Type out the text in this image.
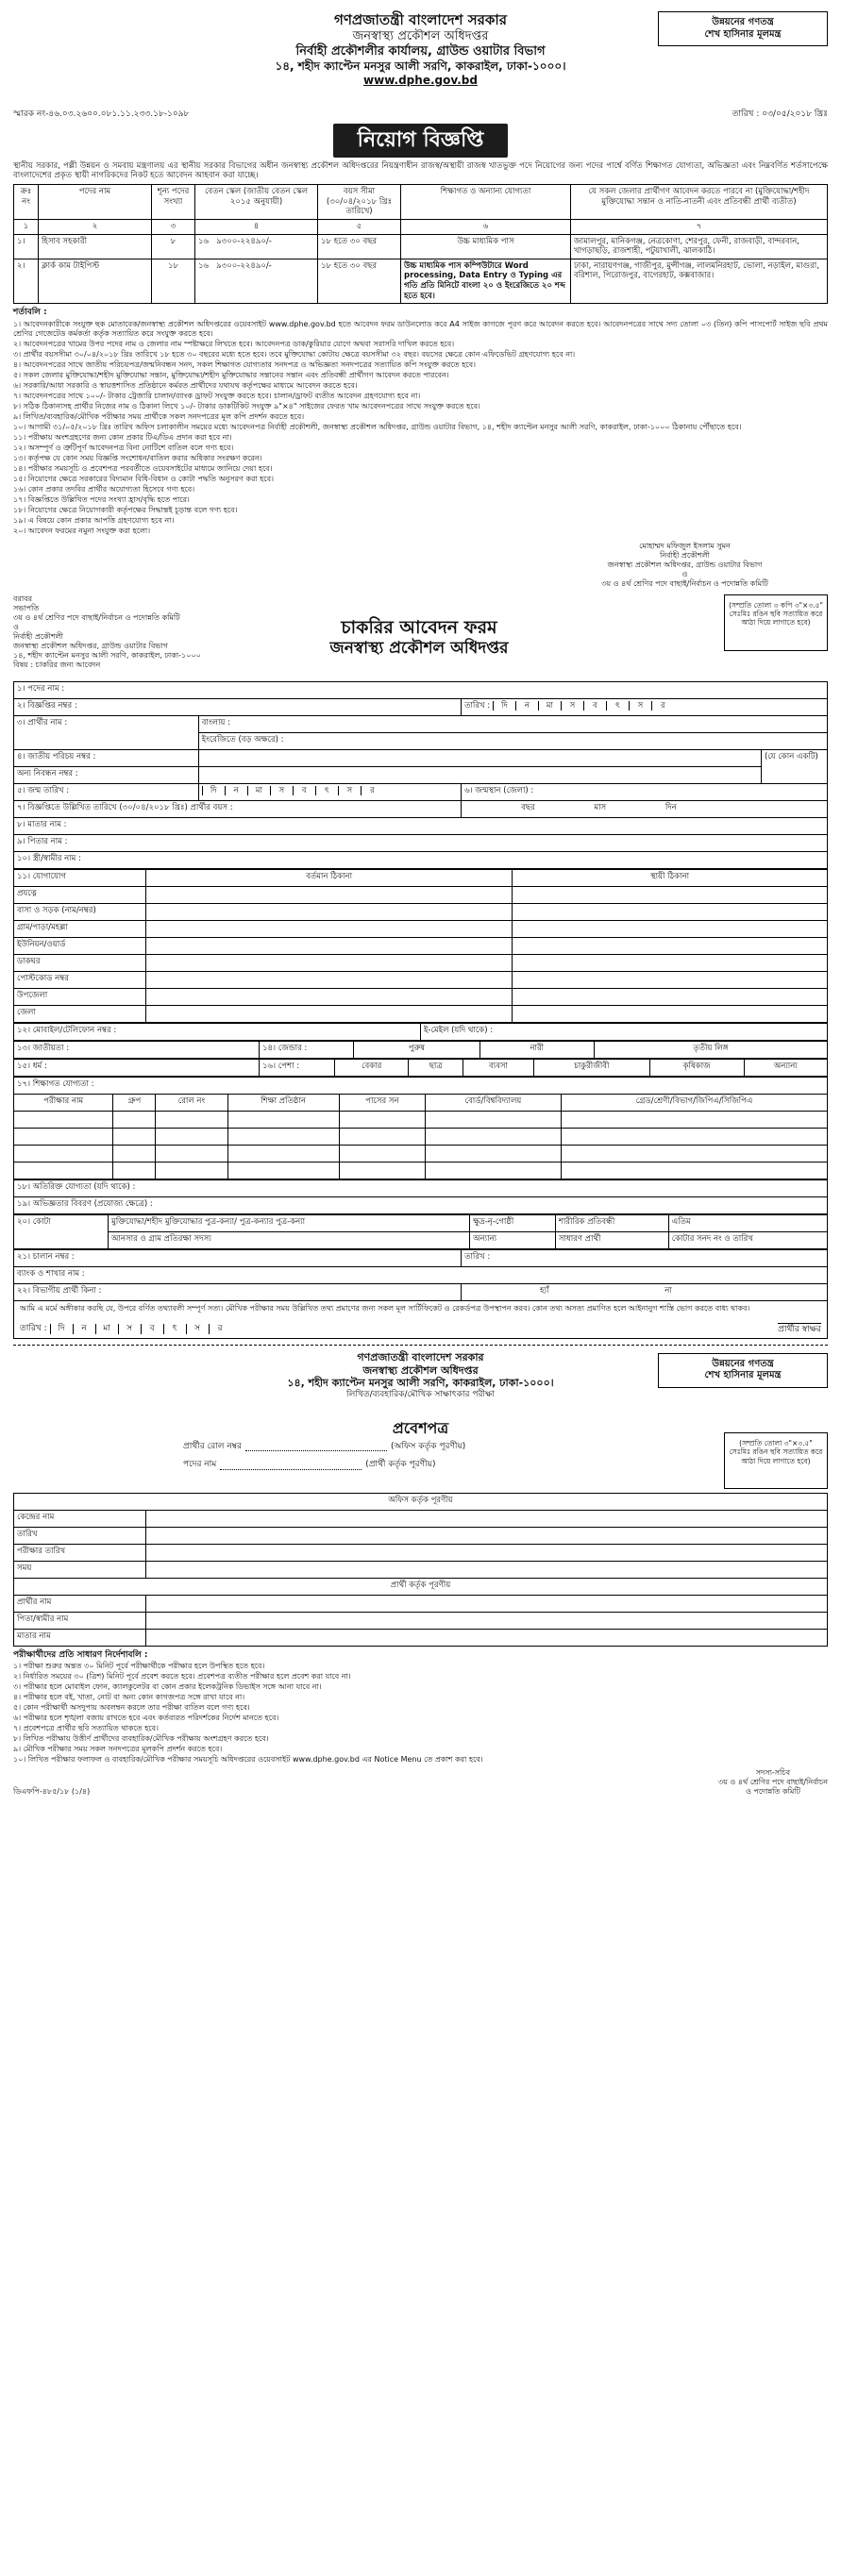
গণপ্রজাতন্ত্রী বাংলাদেশ সরকার
জনস্বাস্থ্য প্রকৌশল অধিদপ্তর
নির্বাহী প্রকৌশলীর কার্যালয়, গ্রাউন্ড ওয়াটার বিভাগ
১৪, শহীদ ক্যাপ্টেন মনসুর আলী সরণি, কাকরাইল, ঢাকা-১০০০।
www.dphe.gov.bd
উন্নয়নের গণতন্ত্র
শেখ হাসিনার মূলমন্ত্র
স্মারক নং-৪৬.০৩.২৬০০.০৮১.১১.২৩৩.১৮-১০৯৮	তারিখ : ০৩/০৫/২০১৮ খ্রিঃ
নিয়োগ বিজ্ঞপ্তি

স্থানীয় সরকার, পল্লী উন্নয়ন ও সমবায় মন্ত্রণালয় এর স্থানীয় সরকার বিভাগের অধীন জনস্বাস্থ্য প্রকৌশল অধিদপ্তরের নিয়ন্ত্রণাধীন রাজস্ব/অস্থায়ী রাজস্ব খাতভুক্ত পদে নিয়োগের জন্য পদের পার্শ্বে বর্ণিত শিক্ষাগত যোগ্যতা, অভিজ্ঞতা এবং নিম্নবর্ণিত শর্তসাপেক্ষে বাংলাদেশের প্রকৃত স্থায়ী নাগরিকদের নিকট হতে আবেদন আহবান করা যাচ্ছে।

ক্রঃ নং	পদের নাম	শূন্য পদের সংখ্যা	বেতন স্কেল (জাতীয় বেতন স্কেল ২০১৫ অনুযায়ী)	বয়স সীমা (৩০/০৪/২০১৮ খ্রিঃ তারিখে)	শিক্ষাগত ও অন্যান্য যোগ্যতা	যে সকল জেলার প্রার্থীগণ আবেদন করতে পারবে না (মুক্তিযোদ্ধা/শহীদ মুক্তিযোদ্ধা সন্তান ও নাতি-নাতনী এবং প্রতিবন্ধী প্রার্থী ব্যতীত)
১	২	৩	৪	৫	৬	৭
১।	হিসাব সহকারী	৮	১৬ ৯৩০০-২২৪৯০/-	১৮ হতে ৩০ বছর	উচ্চ মাধ্যমিক পাস	জামালপুর, মানিকগঞ্জ, নেত্রকোণা, শেরপুর, ফেনী, রাজবাড়ী, বান্দরবান, খাগড়াছড়ি, রাজশাহী, পটুয়াখালী, ঝালকাঠি।
২।	ক্লার্ক কাম টাইপিস্ট	১৮	১৬ ৯৩০০-২২৪৯০/-	১৮ হতে ৩০ বছর	উচ্চ মাধ্যমিক পাস কম্পিউটারে Word processing, Data Entry ও Typing এর গতি প্রতি মিনিটে বাংলা ২০ ও ইংরেজিতে ২০ শব্দ হতে হবে।	ঢাকা, নারায়ণগঞ্জ, গাজীপুর, মুন্সীগঞ্জ, লালমনিরহাট, ভোলা, নড়াইল, মাগুরা, বরিশাল, পিরোজপুর, বাগেরহাট, কক্সবাজার।
শর্তাবলি :

১। আবেদনকারীকে সংযুক্ত ছক মোতাবেক/জনস্বাস্থ্য প্রকৌশল অধিদপ্তরের ওয়েবসাইট www.dphe.gov.bd হতে আবেদন ফরম ডাউনলোড করে A4 সাইজ কাগজে পূরণ করে আবেদন করতে হবে। আবেদনপত্রের সাথে সদ্য তোলা ০৩ (তিন) কপি পাসপোর্ট সাইজ ছবি প্রথম শ্রেণির গেজেটেড কর্মকর্তা কর্তৃক সত্যায়িত করে সংযুক্ত করতে হবে।

২। আবেদনপত্রের খামের উপর পদের নাম ও জেলার নাম স্পষ্টাক্ষরে লিখতে হবে। আবেদনপত্র ডাক/কুরিয়ার যোগে অথবা সরাসরি দাখিল করতে হবে।

৩। প্রার্থীর বয়সসীমা ৩০/০৪/২০১৮ খ্রিঃ তারিখে ১৮ হতে ৩০ বছরের মধ্যে হতে হবে। তবে মুক্তিযোদ্ধা কোটায় ক্ষেত্রে বয়সসীমা ৩২ বছর। বয়সের ক্ষেত্রে কোন এফিডেভিট গ্রহণযোগ্য হবে না।

৪। আবেদনপত্রের সাথে জাতীয় পরিচয়পত্র/জন্মনিবন্ধন সনদ, সকল শিক্ষাগত যোগ্যতার সনদপত্র ও অভিজ্ঞতা সনদপত্রের সত্যায়িত কপি সংযুক্ত করতে হবে।

৫। সকল জেলার মুক্তিযোদ্ধা/শহীদ মুক্তিযোদ্ধা সন্তান, মুক্তিযোদ্ধা/শহীদ মুক্তিযোদ্ধার সন্তানের সন্তান এবং প্রতিবন্ধী প্রার্থীগণ আবেদন করতে পারবেন।

৬। সরকারি/আধা সরকারি ও স্বায়ত্তশাসিত প্রতিষ্ঠানে কর্মরত প্রার্থীদের যথাযথ কর্তৃপক্ষের মাধ্যমে আবেদন করতে হবে।

৭। আবেদনপত্রের সাথে ১০০/- টাকার ট্রেজারি চালান/ব্যাংক ড্রাফট সংযুক্ত করতে হবে। চালান/ড্রাফট ব্যতীত আবেদন গ্রহণযোগ্য হবে না।

৮। সঠিক ঠিকানাসহ প্রার্থীর নিজের নাম ও ঠিকানা লিখে ১০/- টাকার ডাকটিকিট সংযুক্ত ৯"×৪" সাইজের ফেরত খাম আবেদনপত্রের সাথে সংযুক্ত করতে হবে।

৯। লিখিত/ব্যবহারিক/মৌখিক পরীক্ষার সময় প্রার্থীকে সকল সনদপত্রের মূল কপি প্রদর্শন করতে হবে।

১০। আগামী ৩১/০৫/২০১৮ খ্রিঃ তারিখ অফিস চলাকালীন সময়ের মধ্যে আবেদনপত্র নির্বাহী প্রকৌশলী, জনস্বাস্থ্য প্রকৌশল অধিদপ্তর, গ্রাউন্ড ওয়াটার বিভাগ, ১৪, শহীদ ক্যাপ্টেন মনসুর আলী সরণি, কাকরাইল, ঢাকা-১০০০ ঠিকানায় পৌঁছাতে হবে।

১১। পরীক্ষায় অংশগ্রহণের জন্য কোন প্রকার টিএ/ডিএ প্রদান করা হবে না।

১২। অসম্পূর্ণ ও ত্রুটিপূর্ণ আবেদনপত্র বিনা নোটিশে বাতিল বলে গণ্য হবে।

১৩। কর্তৃপক্ষ যে কোন সময় বিজ্ঞপ্তি সংশোধন/বাতিল করার অধিকার সংরক্ষণ করেন।

১৪। পরীক্ষার সময়সূচি ও প্রবেশপত্র পরবর্তীতে ওয়েবসাইটের মাধ্যমে জানিয়ে দেয়া হবে।

১৫। নিয়োগের ক্ষেত্রে সরকারের বিদ্যমান বিধি-বিধান ও কোটা পদ্ধতি অনুসরণ করা হবে।

১৬। কোন প্রকার তদবির প্রার্থীর অযোগ্যতা হিসেবে গণ্য হবে।

১৭। বিজ্ঞপ্তিতে উল্লিখিত পদের সংখ্যা হ্রাস/বৃদ্ধি হতে পারে।

১৮। নিয়োগের ক্ষেত্রে নিয়োগকারী কর্তৃপক্ষের সিদ্ধান্তই চূড়ান্ত বলে গণ্য হবে।

১৯। এ বিষয়ে কোন প্রকার আপত্তি গ্রহণযোগ্য হবে না।

২০। আবেদন ফরমের নমুনা সংযুক্ত করা হলো।

মোহাম্মদ মফিজুল ইসলাম সুমন
নির্বাহী প্রকৌশলী
জনস্বাস্থ্য প্রকৌশল অধিদপ্তর, গ্রাউন্ড ওয়াটার বিভাগ
ও
৩য় ও ৪র্থ শ্রেণির পদে বাছাই/নির্বাচন ও পদোন্নতি কমিটি
বরাবর
সভাপতি
৩য় ও ৪র্থ শ্রেণির পদে বাছাই/নির্বাচন ও পদোন্নতি কমিটি
ও
নির্বাহী প্রকৌশলী
জনস্বাস্থ্য প্রকৌশল অধিদপ্তর, গ্রাউন্ড ওয়াটার বিভাগ
১৪, শহীদ ক্যাপ্টেন মনসুর আলী সরণি, কাকরাইল, ঢাকা-১০০০
বিষয় : চাকরির জন্য আবেদন
চাকরির আবেদন ফরম
জনস্বাস্থ্য প্রকৌশল অধিদপ্তর
(সম্প্রতি তোলা ৩ কপি ৩"×৩.৫" সেঃমিঃ রঙিন ছবি সত্যায়িত করে আঠা দিয়ে লাগাতে হবে)
১। পদের নাম :			
২। বিজ্ঞপ্তির নম্বর :		তারিখ : দি ন মা স ব ৎ স র	
৩। প্রার্থীর নাম :	বাংলায় :		
	ইংরেজিতে (বড় অক্ষরে) :		
৪। জাতীয় পরিচয় নম্বর :			(যে কোন একটি)
অন্য নিবন্ধন নম্বর :			
৫। জন্ম তারিখ :	দি ন মা স ব ৎ স র	৬। জন্মস্থান (জেলা) :	
৭। বিজ্ঞপ্তিতে উল্লিখিত তারিখে (৩০/০৪/২০১৮ খ্রিঃ) প্রার্থীর বয়স :		বছর মাস দিন	
৮। মাতার নাম :			
৯। পিতার নাম :			
১০। স্ত্রী/স্বামীর নাম :			
১১। যোগাযোগ	বর্তমান ঠিকানা	স্থায়ী ঠিকানা
প্রযত্নে		
বাসা ও সড়ক (নাম/নম্বর)		
গ্রাম/পাড়া/মহল্লা		
ইউনিয়ন/ওয়ার্ড		
ডাকঘর		
পোস্টকোড নম্বর		
উপজেলা		
জেলা		
১২। মোবাইল/টেলিফোন নম্বর :	ই-মেইল (যদি থাকে) :
১৩। জাতীয়তা :	১৪। জেন্ডার :	পুরুষ	নারী	তৃতীয় লিঙ্গ
১৫। ধর্ম :	১৬। পেশা :	বেকার	ছাত্র	ব্যবসা	চাকুরীজীবী	কৃষিকাজ	অন্যান্য
১৭। শিক্ষাগত যোগ্যতা :						
পরীক্ষার নাম	গ্রুপ	রোল নং	শিক্ষা প্রতিষ্ঠান	পাসের সন	বোর্ড/বিশ্ববিদ্যালয়	গ্রেড/শ্রেণী/বিভাগ/জিপিএ/সিজিপিএ

১৮। অতিরিক্ত যোগ্যতা (যদি থাকে) :
১৯। অভিজ্ঞতার বিবরণ (প্রযোজ্য ক্ষেত্রে) :
২০। কোটা	মুক্তিযোদ্ধা/শহীদ মুক্তিযোদ্ধার পুত্র-কন্যা/ পুত্র-কন্যার পুত্র-কন্যা	ক্ষুদ্র-নৃ-গোষ্ঠী	শারীরিক প্রতিবন্ধী	এতিম
	আনসার ও গ্রাম প্রতিরক্ষা সদস্য	অন্যান্য	সাধারণ প্রার্থী	কোটার সনদ নং ও তারিখ
২১। চালান নম্বর :	তারিখ :
ব্যাংক ও শাখার নাম :	
২২। বিভাগীয় প্রার্থী কিনা :	হ্যাঁ না

আমি এ মর্মে অঙ্গীকার করছি যে, উপরে বর্ণিত তথ্যাবলী সম্পূর্ণ সত্য। মৌখিক পরীক্ষার সময় উল্লিখিত তথ্য প্রমাণের জন্য সকল মূল সার্টিফিকেট ও রেকর্ডপত্র উপস্থাপন করব। কোন তথ্য অসত্য প্রমাণিত হলে আইনানুগ শাস্তি ভোগ করতে বাধ্য থাকব।

তারিখ : দি ন মা স ব ৎ স র	প্রার্থীর স্বাক্ষর
গণপ্রজাতন্ত্রী বাংলাদেশ সরকার
জনস্বাস্থ্য প্রকৌশল অধিদপ্তর
১৪, শহীদ ক্যাপ্টেন মনসুর আলী সরণি, কাকরাইল, ঢাকা-১০০০।
লিখিত/ব্যবহারিক/মৌখিক সাক্ষাৎকার পরীক্ষা
উন্নয়নের গণতন্ত্র
শেখ হাসিনার মূলমন্ত্র
প্রবেশপত্র
প্রার্থীর রোল নম্বর	(অফিস কর্তৃক পূরণীয়)
পদের নাম	(প্রার্থী কর্তৃক পূরণীয়)
(সম্প্রতি তোলা ৩"×৩.৫" সেঃমিঃ রঙিন ছবি সত্যায়িত করে আঠা দিয়ে লাগাতে হবে)
অফিস কর্তৃক পূরণীয়	
কেন্দ্রের নাম	
তারিখ	
পরীক্ষার তারিখ	
সময়	
প্রার্থী কর্তৃক পূরণীয়	
প্রার্থীর নাম	
পিতা/স্বামীর নাম	
মাতার নাম	
পরীক্ষার্থীদের প্রতি সাধারণ নির্দেশাবলি :

১। পরীক্ষা শুরুর অন্তত ৩০ মিনিট পূর্বে পরীক্ষার্থীকে পরীক্ষার হলে উপস্থিত হতে হবে।

২। নির্ধারিত সময়ের ৩০ (ত্রিশ) মিনিট পূর্বে প্রবেশ করতে হবে। প্রবেশপত্র ব্যতীত পরীক্ষার হলে প্রবেশ করা যাবে না।

৩। পরীক্ষার হলে মোবাইল ফোন, ক্যালকুলেটর বা কোন প্রকার ইলেকট্রনিক ডিভাইস সঙ্গে আনা যাবে না।

৪। পরীক্ষার হলে বই, খাতা, নোট বা অন্য কোন কাগজপত্র সঙ্গে রাখা যাবে না।

৫। কোন পরীক্ষার্থী অসদুপায় অবলম্বন করলে তার পরীক্ষা বাতিল বলে গণ্য হবে।

৬। পরীক্ষার হলে শৃঙ্খলা বজায় রাখতে হবে এবং কর্তব্যরত পরিদর্শকের নির্দেশ মানতে হবে।

৭। প্রবেশপত্রে প্রার্থীর ছবি সত্যায়িত থাকতে হবে।

৮। লিখিত পরীক্ষায় উত্তীর্ণ প্রার্থীদের ব্যবহারিক/মৌখিক পরীক্ষায় অংশগ্রহণ করতে হবে।

৯। মৌখিক পরীক্ষার সময় সকল সনদপত্রের মূলকপি প্রদর্শন করতে হবে।

১০। লিখিত পরীক্ষার ফলাফল ও ব্যবহারিক/মৌখিক পরীক্ষার সময়সূচি অধিদপ্তরের ওয়েবসাইট www.dphe.gov.bd এর Notice Menu তে প্রকাশ করা হবে।

ডিএফপি-৪৮৫/১৮ (১/৪)
সদস্য-সচিব
৩য় ও ৪র্থ শ্রেণির পদে বাছাই/নির্বাচন
ও পদোন্নতি কমিটি
